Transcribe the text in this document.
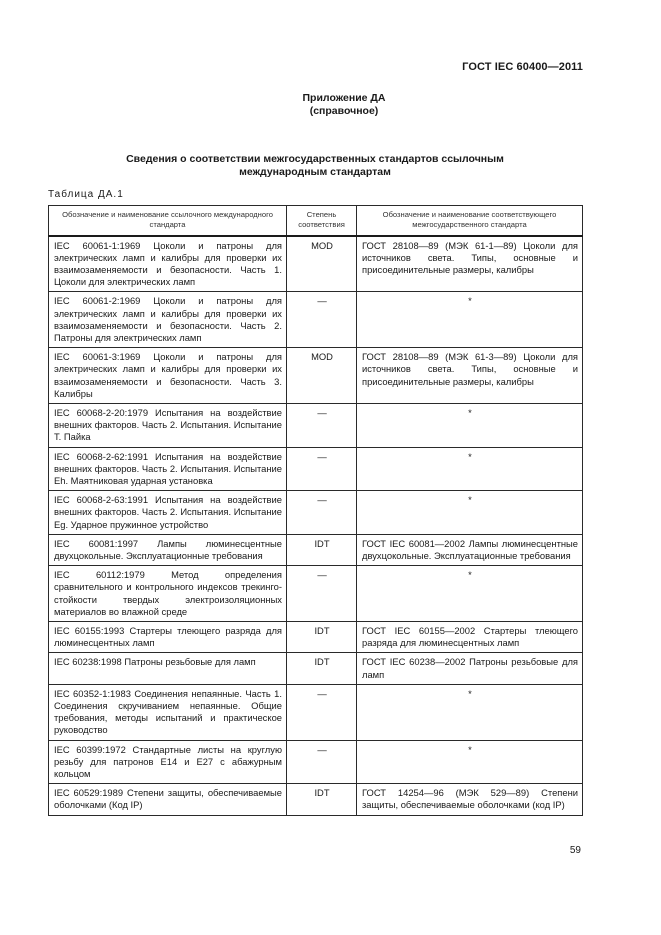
ГОСТ IEC 60400—2011
Приложение ДА
(справочное)
Сведения о соответствии межгосударственных стандартов ссылочным
международным стандартам
Таблица ДА.1
Обозначение и наименование ссылочного международного стандарта	Степень соответствия	Обозначение и наименование соответствующего межгосударственного стандарта
IEC 60061-1:1969 Цоколи и патроны для электрических ламп и калибры для проверки их взаимозаменяемости и безопасности. Часть 1. Цоколи для электрических ламп	MOD	ГОСТ 28108—89 (МЭК 61-1—89) Цоколи для источников света. Типы, основные и присоединительные размеры, калибры
IEC 60061-2:1969 Цоколи и патроны для электрических ламп и калибры для проверки их взаимозаменяемости и безопасности. Часть 2. Патроны для электрических ламп	—	*
IEC 60061-3:1969 Цоколи и патроны для электрических ламп и калибры для проверки их взаимозаменяемости и безопасности. Часть 3. Калибры	MOD	ГОСТ 28108—89 (МЭК 61-3—89) Цоколи для источников света. Типы, основные и присоединительные размеры, калибры
IEC 60068-2-20:1979 Испытания на воздействие внешних факторов. Часть 2. Испытания. Испытание Т. Пайка	—	*
IEC 60068-2-62:1991 Испытания на воздействие внешних факторов. Часть 2. Испытания. Испытание Eh. Маятниковая ударная установка	—	*
IEC 60068-2-63:1991 Испытания на воздействие внешних факторов. Часть 2. Испытания. Испытание Eg. Ударное пружинное устройство	—	*
IEC 60081:1997 Лампы люминесцентные двухцокольные. Эксплуатационные требования	IDT	ГОСТ IEC 60081—2002 Лампы люминесцентные двухцокольные. Эксплуатационные требования
IEC 60112:1979 Метод определения сравнительного и контрольного индексов трекинго-стойкости твердых электроизоляционных материалов во влажной среде	—	*
IEC 60155:1993 Стартеры тлеющего разряда для люминесцентных ламп	IDT	ГОСТ IEC 60155—2002 Стартеры тлеющего разряда для люминесцентных ламп
IEC 60238:1998 Патроны резьбовые для ламп	IDT	ГОСТ IEC 60238—2002 Патроны резьбовые для ламп
IEC 60352-1:1983 Соединения непаянные. Часть 1. Соединения скручиванием непаянные. Общие требования, методы испытаний и практическое руководство	—	*
IEC 60399:1972 Стандартные листы на круглую резьбу для патронов Е14 и Е27 с абажурным кольцом	—	*
IEC 60529:1989 Степени защиты, обеспечиваемые оболочками (Код IP)	IDT	ГОСТ 14254—96 (МЭК 529—89) Степени защиты, обеспечиваемые оболочками (код IP)
59
